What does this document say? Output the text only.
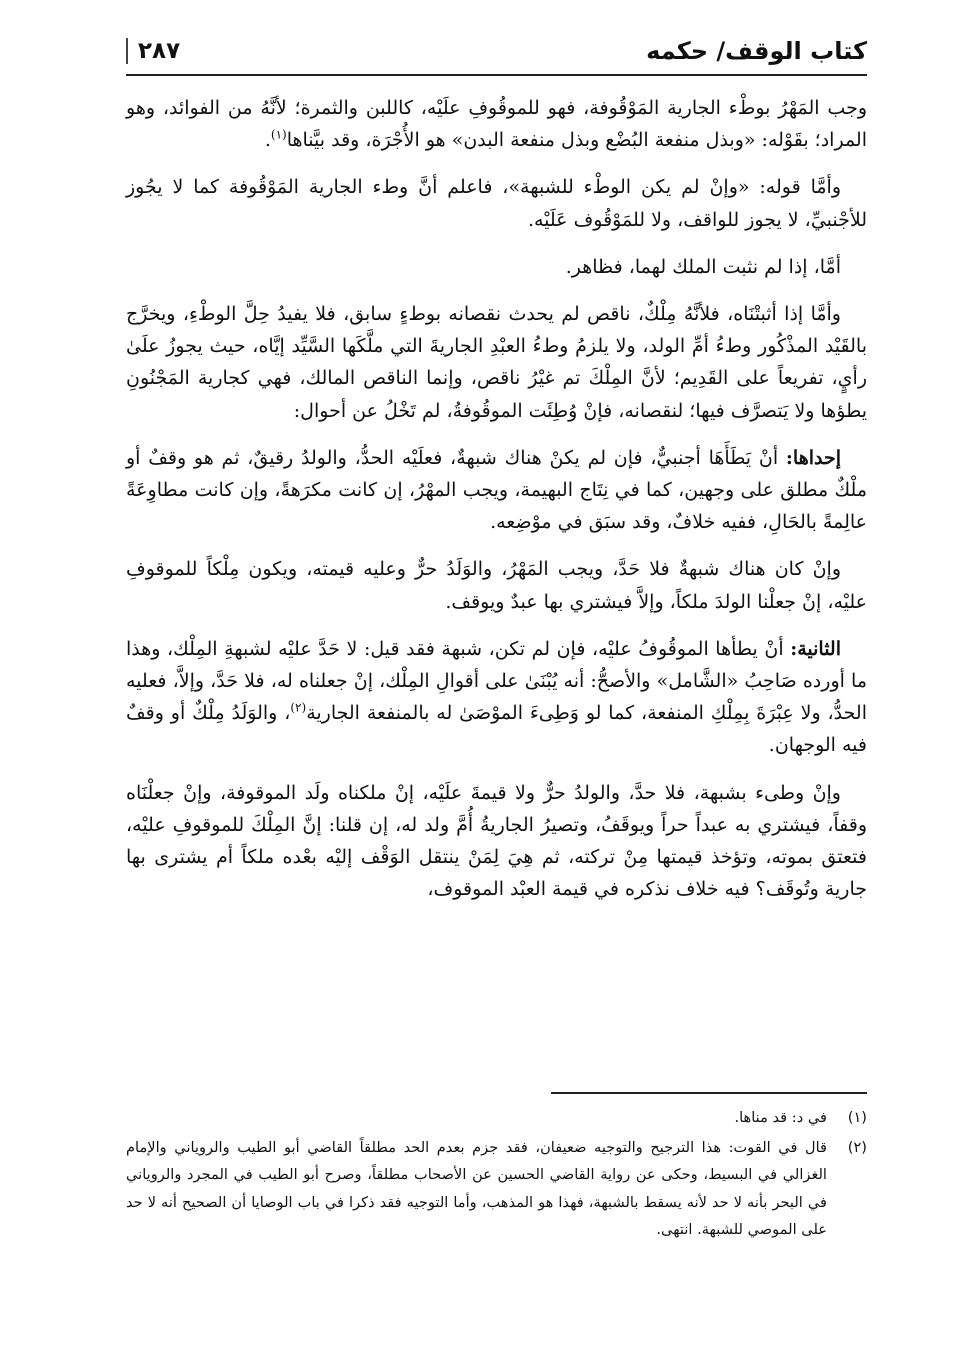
كتاب الوقف/ حكمه
٢٨٧

وجب المَهْرُ بوطْء الجارية المَوْقُوفة، فهو للموقُوفِ علَيْه، كاللبن والثمرة؛ لأنَّهُ من الفوائد، وهو المراد؛ بقَوْله: «وبذل منفعة البُضْع وبذل منفعة البدن» هو الأُجْرَة، وقد بيَّناها$^{(١)}$.

وأمَّا قوله: «وإنْ لم يكن الوطْء للشبهة»، فاعلم أنَّ وطء الجارية المَوْقُوفة كما لا يجُوز للأجْنبيِّ، لا يجوز للواقف، ولا للمَوْقُوف عَلَيْه.

أمَّا، إذا لم نثبت الملك لهما، فظاهر.

وأمَّا إذا أثبتْنَاه، فلأنَّهُ مِلْكٌ، ناقص لم يحدث نقصانه بوطءٍ سابق، فلا يفيدُ حِلَّ الوطْءِ، ويخرَّج بالقَيْد المذْكُور وطءُ أمِّ الولد، ولا يلزمُ وطءُ العبْدِ الجاريةَ التي ملَّكَها السَّيِّد إيَّاه، حيث يجوزُ علَىٰ رأيٍ، تفريعاً على القَدِيم؛ لأنَّ المِلْكَ تم غيْرُ ناقص، وإنما الناقص المالك، فهي كجارية المَجْنُونِ يطؤها ولا يَتصرَّف فيها؛ لنقصانه، فإنْ وُطِئَت الموقُوفةُ، لم تَخْلُ عن أحوال:

إحداها: أنْ يَطَأَهَا أجنبيٌّ، فإن لم يكنْ هناك شبهةٌ، فعلَيْه الحدُّ، والولدُ رقيقٌ، ثم هو وقفٌ أو ملْكٌ مطلق على وجهين، كما في نِتَاج البهيمة، ويجب المهْرُ، إن كانت مكرَهةً، وإن كانت مطاوِعَةً عالِمةً بالحَالِ، ففيه خلافٌ، وقد سبَق في موْضِعه.

وإنْ كان هناك شبهةٌ فلا حَدَّ، ويجب المَهْرُ، والوَلَدُ حرٌّ وعليه قيمته، ويكون مِلْكاً للموقوفِ عليْه، إنْ جعلْنا الولدَ ملكاً، وإلاَّ فيشتري بها عبدٌ ويوقف.

الثانية: أنْ يطأها الموقُوفُ عليْه، فإن لم تكن، شبهة فقد قيل: لا حَدَّ عليْه لشبهةِ المِلْك، وهذا ما أورده صَاحِبُ «الشَّامل» والأصحُّ: أنه يُبْنَىٰ على أقوالِ المِلْك، إنْ جعلناه له، فلا حَدَّ، وإلاَّ، فعليه الحدُّ، ولا عِبْرَةَ بِمِلْكِ المنفعة، كما لو وَطِىءَ الموْصَىٰ له بالمنفعة الجارية$^{(٢)}$، والوَلَدُ مِلْكٌ أو وقفٌ فيه الوجهان.

وإنْ وطىء بشبهة، فلا حدَّ، والولدُ حرٌّ ولا قيمةَ علَيْه، إنْ ملكناه ولَد الموقوفة، وإنْ جعلْنَاه وقفاً، فيشتري به عبداً حراً ويوقَفُ، وتصيرُ الجاريةُ أُمَّ ولد له، إن قلنا: إنَّ المِلْكَ للموقوفِ عليْه، فتعتق بموته، وتؤخذ قيمتها مِنْ تركته، ثم هِيَ لِمَنْ ينتقل الوَقْف إليْه بعْده ملكاً أم يشترى بها جارية وتُوقَف؟ فيه خلاف نذكره في قيمة العبْد الموقوف،

(١)
في د: قد مناها.
(٢)
قال في القوت: هذا الترجيح والتوجيه ضعيفان، فقد جزم بعدم الحد مطلقاً القاضي أبو الطيب والروياني والإمام الغزالي في البسيط، وحكى عن رواية القاضي الحسين عن الأصحاب مطلقاً، وصرح أبو الطيب في المجرد والروياني في البحر بأنه لا حد لأنه يسقط بالشبهة، فهذا هو المذهب، وأما التوجيه فقد ذكرا في باب الوصايا أن الصحيح أنه لا حد على الموصي للشبهة. انتهى.
